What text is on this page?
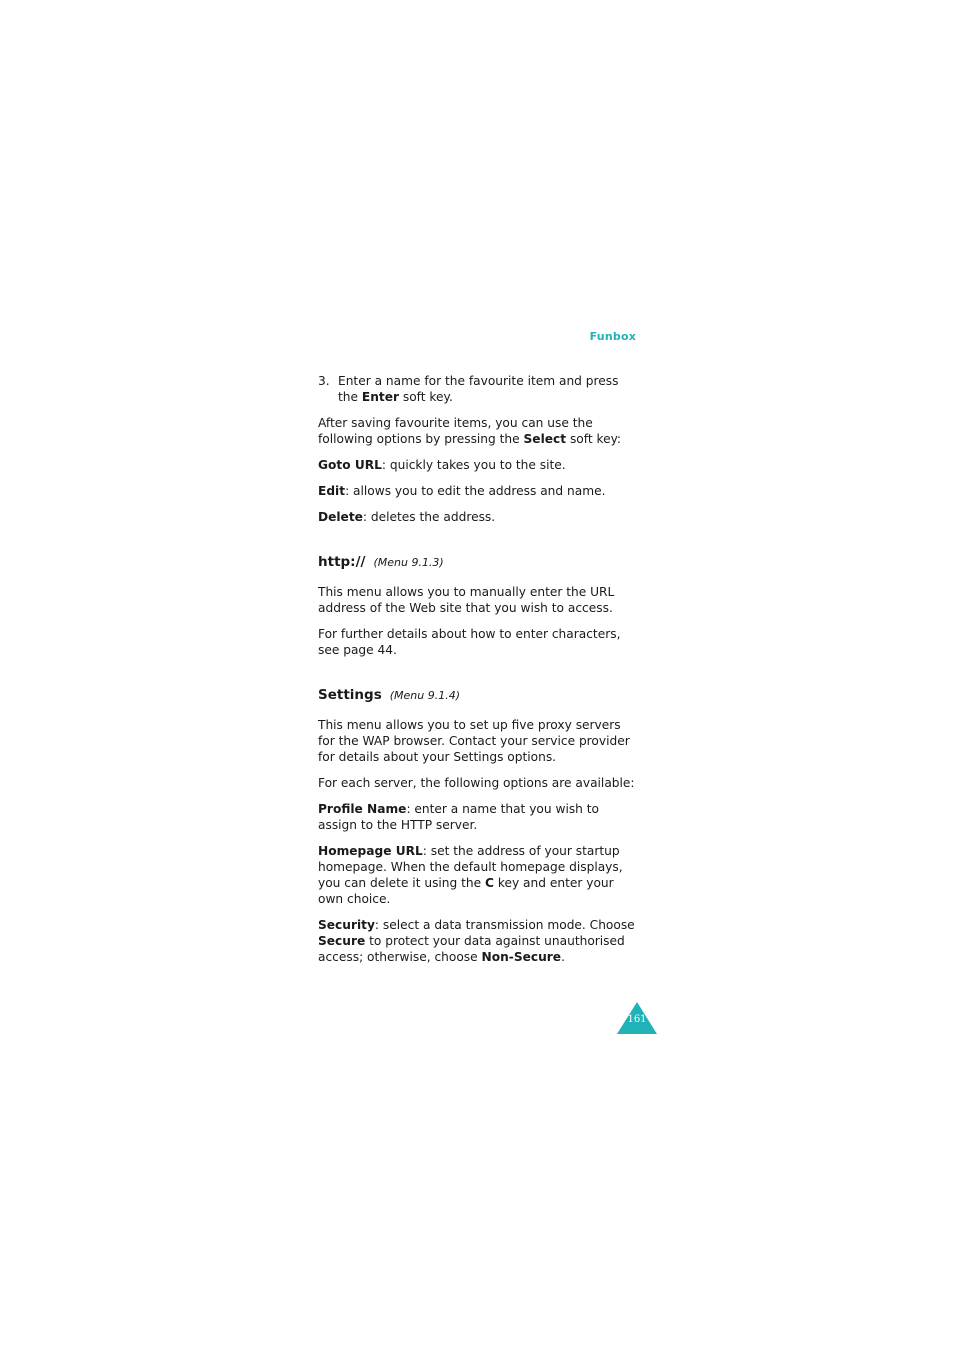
Funbox
3. Enter a name for the favourite item and press the Enter soft key.

After saving favourite items, you can use the following options by pressing the Select soft key:

Goto URL: quickly takes you to the site.

Edit: allows you to edit the address and name.

Delete: deletes the address.

http:// (Menu 9.1.3)

This menu allows you to manually enter the URL address of the Web site that you wish to access.

For further details about how to enter characters, see page 44.

Settings (Menu 9.1.4)

This menu allows you to set up five proxy servers for the WAP browser. Contact your service provider for details about your Settings options.

For each server, the following options are available:

Profile Name: enter a name that you wish to assign to the HTTP server.

Homepage URL: set the address of your startup homepage. When the default homepage displays, you can delete it using the C key and enter your own choice.

Security: select a data transmission mode. Choose Secure to protect your data against unauthorised access; otherwise, choose Non-Secure.

161
